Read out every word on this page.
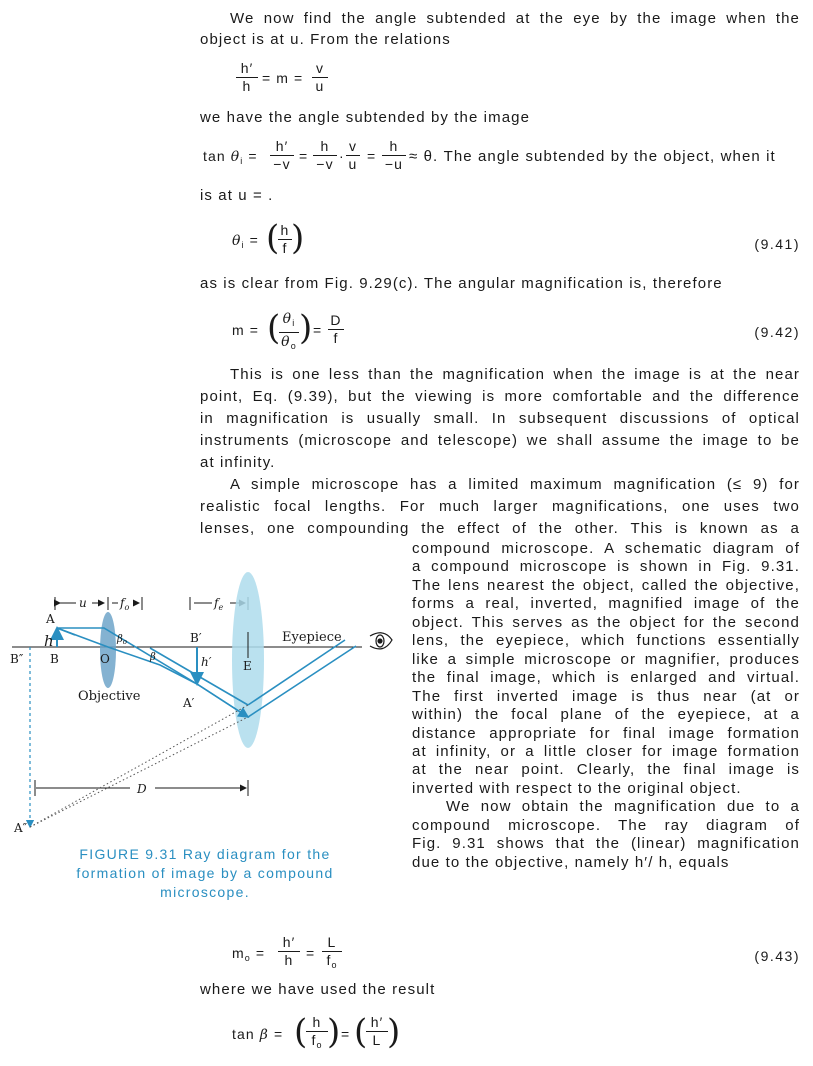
We now find the angle subtended at the eye by the image when the
object is at u. From the relations
$\frac{h'}{h} = m = \frac{v}{u}$
we have the angle subtended by the image
$\tan \theta_i = \frac{h'}{-v} = \frac{h}{-v} \cdot \frac{v}{u} = \frac{h}{-u} \approx \theta$. The angle subtended by the object, when it
is at u = .
$\theta_i$ = (
$\frac{h}{f}$ )	(9.41)
as is clear from Fig. 9.29(c). The angular magnification is, therefore
m = (
$\frac{\theta_i}{\theta_o}$ ) = $\frac{D}{f}$	(9.42)
This is one less than the magnification when the image is at the near
point, Eq. (9.39), but the viewing is more comfortable and the difference
in magnification is usually small. In subsequent discussions of optical
instruments (microscope and telescope) we shall assume the image to be
at infinity.
A simple microscope has a limited maximum magnification (≤ 9) for
realistic focal lengths. For much larger magnifications, one uses two
lenses, one compounding the effect of the other. This is known as a
compound microscope. A schematic diagram of
a compound microscope is shown in Fig. 9.31.
The lens nearest the object, called the objective,
forms a real, inverted, magnified image of the
object. This serves as the object for the second
lens, the eyepiece, which functions essentially
like a simple microscope or magnifier, produces
the final image, which is enlarged and virtual.
The first inverted image is thus near (at or
within) the focal plane of the eyepiece, at a
distance appropriate for final image formation
at infinity, or a little closer for image formation
at the near point. Clearly, the final image is
inverted with respect to the original object.
We now obtain the magnification due to a
compound microscope. The ray diagram of
Fig. 9.31 shows that the (linear) magnification
due to the objective, namely h′/ h, equals
A
B
h
O
u	$f_o$
$\beta_o$
β
B′
h′
A′
$f_e$
E
Eyepiece
Objective
B″
A″
D
FIGURE 9.31 Ray diagram for the
formation of image by a compound
microscope.
$m_o = \frac{h'}{h} = \frac{L}{f_o}$	(9.43)
where we have used the result
tan β = (
$\frac{h}{f_o}$ ) = (
$\frac{h'}{L}$ )
